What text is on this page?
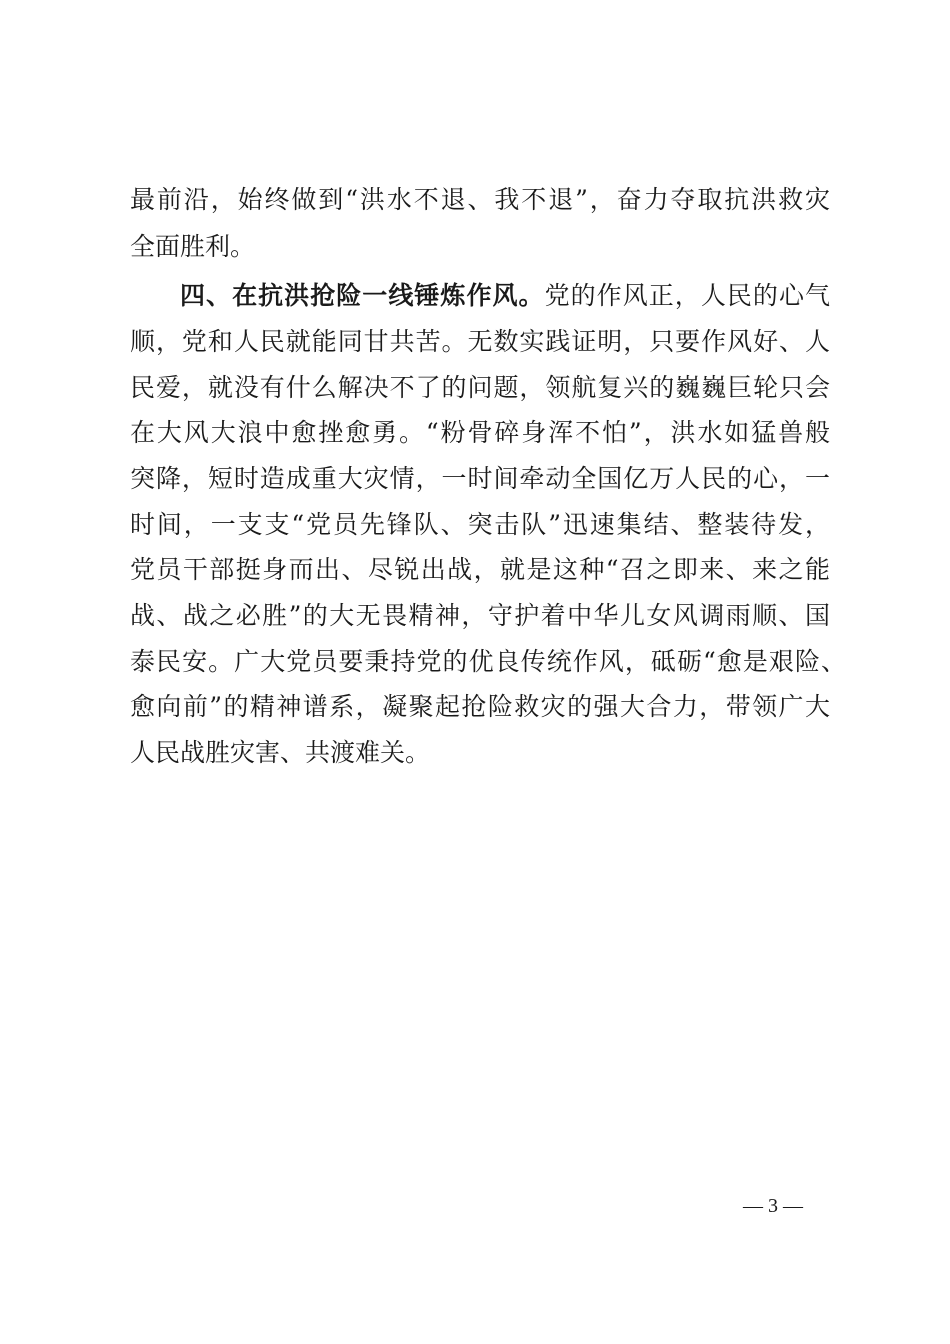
最前沿，始终做到“洪水不退、我不退”，奋力夺取抗洪救灾
全面胜利。
四、在抗洪抢险一线锤炼作风。党的作风正，人民的心气
顺，党和人民就能同甘共苦。无数实践证明，只要作风好、人
民爱，就没有什么解决不了的问题，领航复兴的巍巍巨轮只会
在大风大浪中愈挫愈勇。“粉骨碎身浑不怕”，洪水如猛兽般
突降，短时造成重大灾情，一时间牵动全国亿万人民的心，一
时间，一支支“党员先锋队、突击队”迅速集结、整装待发，
党员干部挺身而出、尽锐出战，就是这种“召之即来、来之能
战、战之必胜”的大无畏精神，守护着中华儿女风调雨顺、国
泰民安。广大党员要秉持党的优良传统作风，砥砺“愈是艰险、
愈向前”的精神谱系，凝聚起抢险救灾的强大合力，带领广大
人民战胜灾害、共渡难关。
— 3 —
